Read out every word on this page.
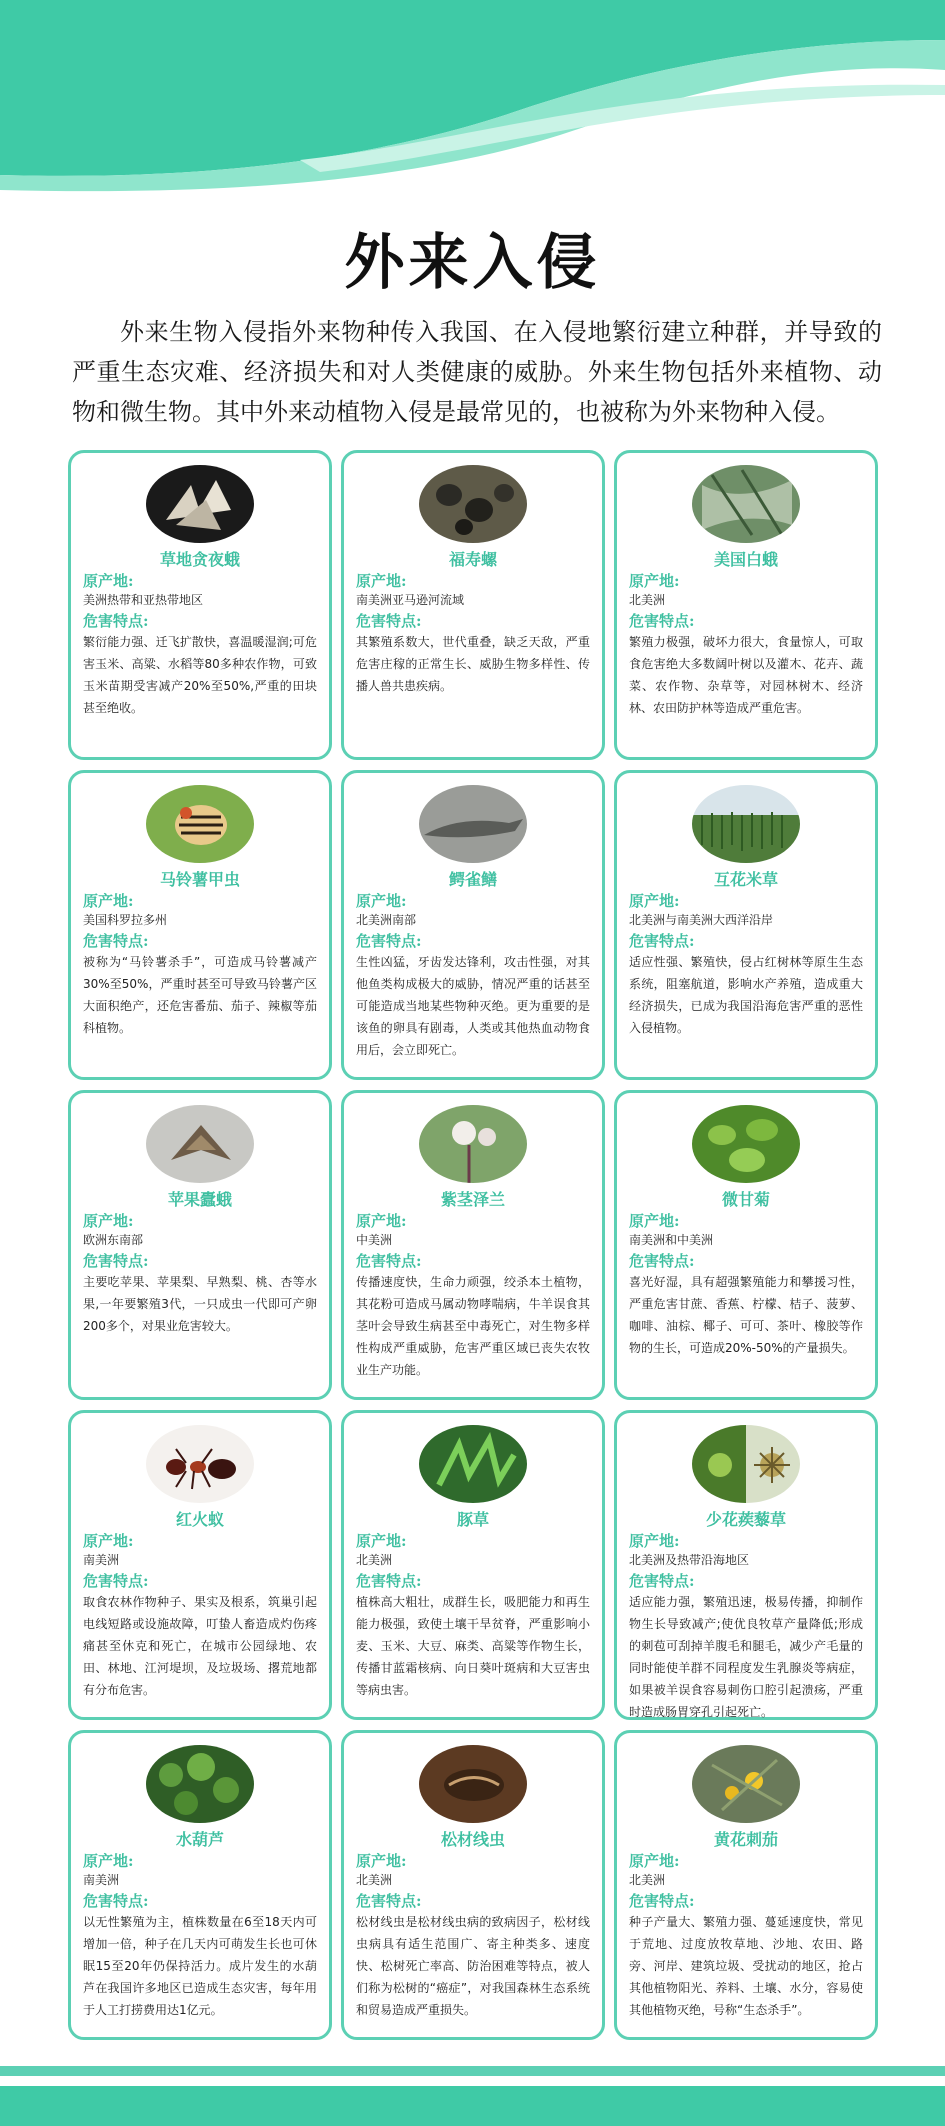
外来入侵

外来生物入侵指外来物种传入我国、在入侵地繁衍建立种群，并导致的严重生态灾难、经济损失和对人类健康的威胁。外来生物包括外来植物、动物和微生物。其中外来动植物入侵是最常见的，也被称为外来物种入侵。

草地贪夜蛾
原产地:
美洲热带和亚热带地区
危害特点:
繁衍能力强、迁飞扩散快，喜温暖湿润;可危害玉米、高粱、水稻等80多种农作物，可致玉米苗期受害减产20%至50%,严重的田块甚至绝收。
福寿螺
原产地:
南美洲亚马逊河流域
危害特点:
其繁殖系数大，世代重叠，缺乏天敌，严重危害庄稼的正常生长、威胁生物多样性、传播人兽共患疾病。
美国白蛾
原产地:
北美洲
危害特点:
繁殖力极强，破坏力很大，食量惊人，可取食危害绝大多数阔叶树以及灌木、花卉、蔬菜、农作物、杂草等，对园林树木、经济林、农田防护林等造成严重危害。
马铃薯甲虫
原产地:
美国科罗拉多州
危害特点:
被称为“马铃薯杀手”，可造成马铃薯减产30%至50%，严重时甚至可导致马铃薯产区大面积绝产，还危害番茄、茄子、辣椒等茄科植物。
鳄雀鳝
原产地:
北美洲南部
危害特点:
生性凶猛，牙齿发达锋利，攻击性强，对其他鱼类构成极大的威胁，情况严重的话甚至可能造成当地某些物种灭绝。更为重要的是该鱼的卵具有剧毒，人类或其他热血动物食用后，会立即死亡。
互花米草
原产地:
北美洲与南美洲大西洋沿岸
危害特点:
适应性强、繁殖快，侵占红树林等原生生态系统，阻塞航道，影响水产养殖，造成重大经济损失，已成为我国沿海危害严重的恶性入侵植物。
苹果蠹蛾
原产地:
欧洲东南部
危害特点:
主要吃苹果、苹果梨、早熟梨、桃、杏等水果,一年要繁殖3代，一只成虫一代即可产卵200多个，对果业危害较大。
紫茎泽兰
原产地:
中美洲
危害特点:
传播速度快，生命力顽强，绞杀本土植物，其花粉可造成马属动物哮喘病，牛羊误食其茎叶会导致生病甚至中毒死亡，对生物多样性构成严重威胁，危害严重区域已丧失农牧业生产功能。
微甘菊
原产地:
南美洲和中美洲
危害特点:
喜光好湿，具有超强繁殖能力和攀援习性，严重危害甘蔗、香蕉、柠檬、桔子、菠萝、咖啡、油棕、椰子、可可、茶叶、橡胶等作物的生长，可造成20%-50%的产量损失。
红火蚁
原产地:
南美洲
危害特点:
取食农林作物种子、果实及根系，筑巢引起电线短路或设施故障，叮蛰人畜造成灼伤疼痛甚至休克和死亡，在城市公园绿地、农田、林地、江河堤坝，及垃圾场、撂荒地都有分布危害。
豚草
原产地:
北美洲
危害特点:
植株高大粗壮，成群生长，吸肥能力和再生能力极强，致使土壤干旱贫脊，严重影响小麦、玉米、大豆、麻类、高粱等作物生长，传播甘蓝霜核病、向日葵叶斑病和大豆害虫等病虫害。
少花蒺藜草
原产地:
北美洲及热带沿海地区
危害特点:
适应能力强，繁殖迅速，极易传播，抑制作物生长导致减产;使优良牧草产量降低;形成的刺苞可刮掉羊腹毛和腿毛，减少产毛量的同时能使羊群不同程度发生乳腺炎等病症，如果被羊误食容易刺伤口腔引起溃疡，严重时造成肠胃穿孔引起死亡。
水葫芦
原产地:
南美洲
危害特点:
以无性繁殖为主，植株数量在6至18天内可增加一倍，种子在几天内可萌发生长也可休眠15至20年仍保持活力。成片发生的水葫芦在我国许多地区已造成生态灾害，每年用于人工打捞费用达1亿元。
松材线虫
原产地:
北美洲
危害特点:
松材线虫是松材线虫病的致病因子，松材线虫病具有适生范围广、寄主种类多、速度快、松树死亡率高、防治困难等特点，被人们称为松树的“癌症”，对我国森林生态系统和贸易造成严重损失。
黄花刺茄
原产地:
北美洲
危害特点:
种子产量大、繁殖力强、蔓延速度快，常见于荒地、过度放牧草地、沙地、农田、路旁、河岸、建筑垃圾、受扰动的地区，抢占其他植物阳光、养料、土壤、水分，容易使其他植物灭绝，号称“生态杀手”。
